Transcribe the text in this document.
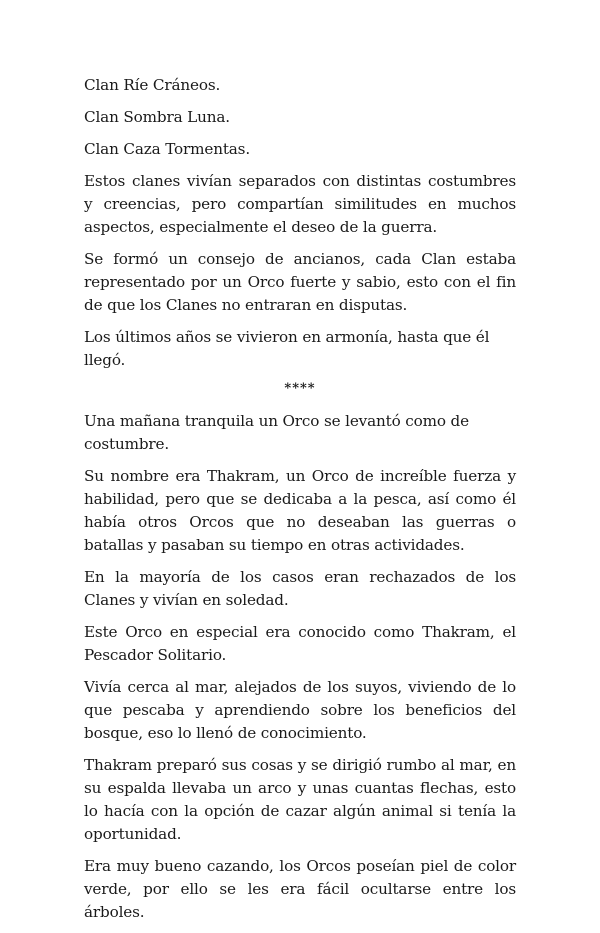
Clan Ríe Cráneos.

Clan Sombra Luna.

Clan Caza Tormentas.

Estos clanes vivían separados con distintas costumbres y creencias, pero compartían similitudes en muchos aspectos, especialmente el deseo de la guerra.

Se formó un consejo de ancianos, cada Clan estaba representado por un Orco fuerte y sabio, esto con el fin de que los Clanes no entraran en disputas.

Los últimos años se vivieron en armonía, hasta que él llegó.

****

Una mañana tranquila un Orco se levantó como de costumbre.

Su nombre era Thakram, un Orco de increíble fuerza y habilidad, pero que se dedicaba a la pesca, así como él había otros Orcos que no deseaban las guerras o batallas y pasaban su tiempo en otras actividades.

En la mayoría de los casos eran rechazados de los Clanes y vivían en soledad.

Este Orco en especial era conocido como Thakram, el Pescador Solitario.

Vivía cerca al mar, alejados de los suyos, viviendo de lo que pescaba y aprendiendo sobre los beneficios del bosque, eso lo llenó de conocimiento.

Thakram preparó sus cosas y se dirigió rumbo al mar, en su espalda llevaba un arco y unas cuantas flechas, esto lo hacía con la opción de cazar algún animal si tenía la oportunidad.

Era muy bueno cazando, los Orcos poseían piel de color verde, por ello se les era fácil ocultarse entre los árboles.
